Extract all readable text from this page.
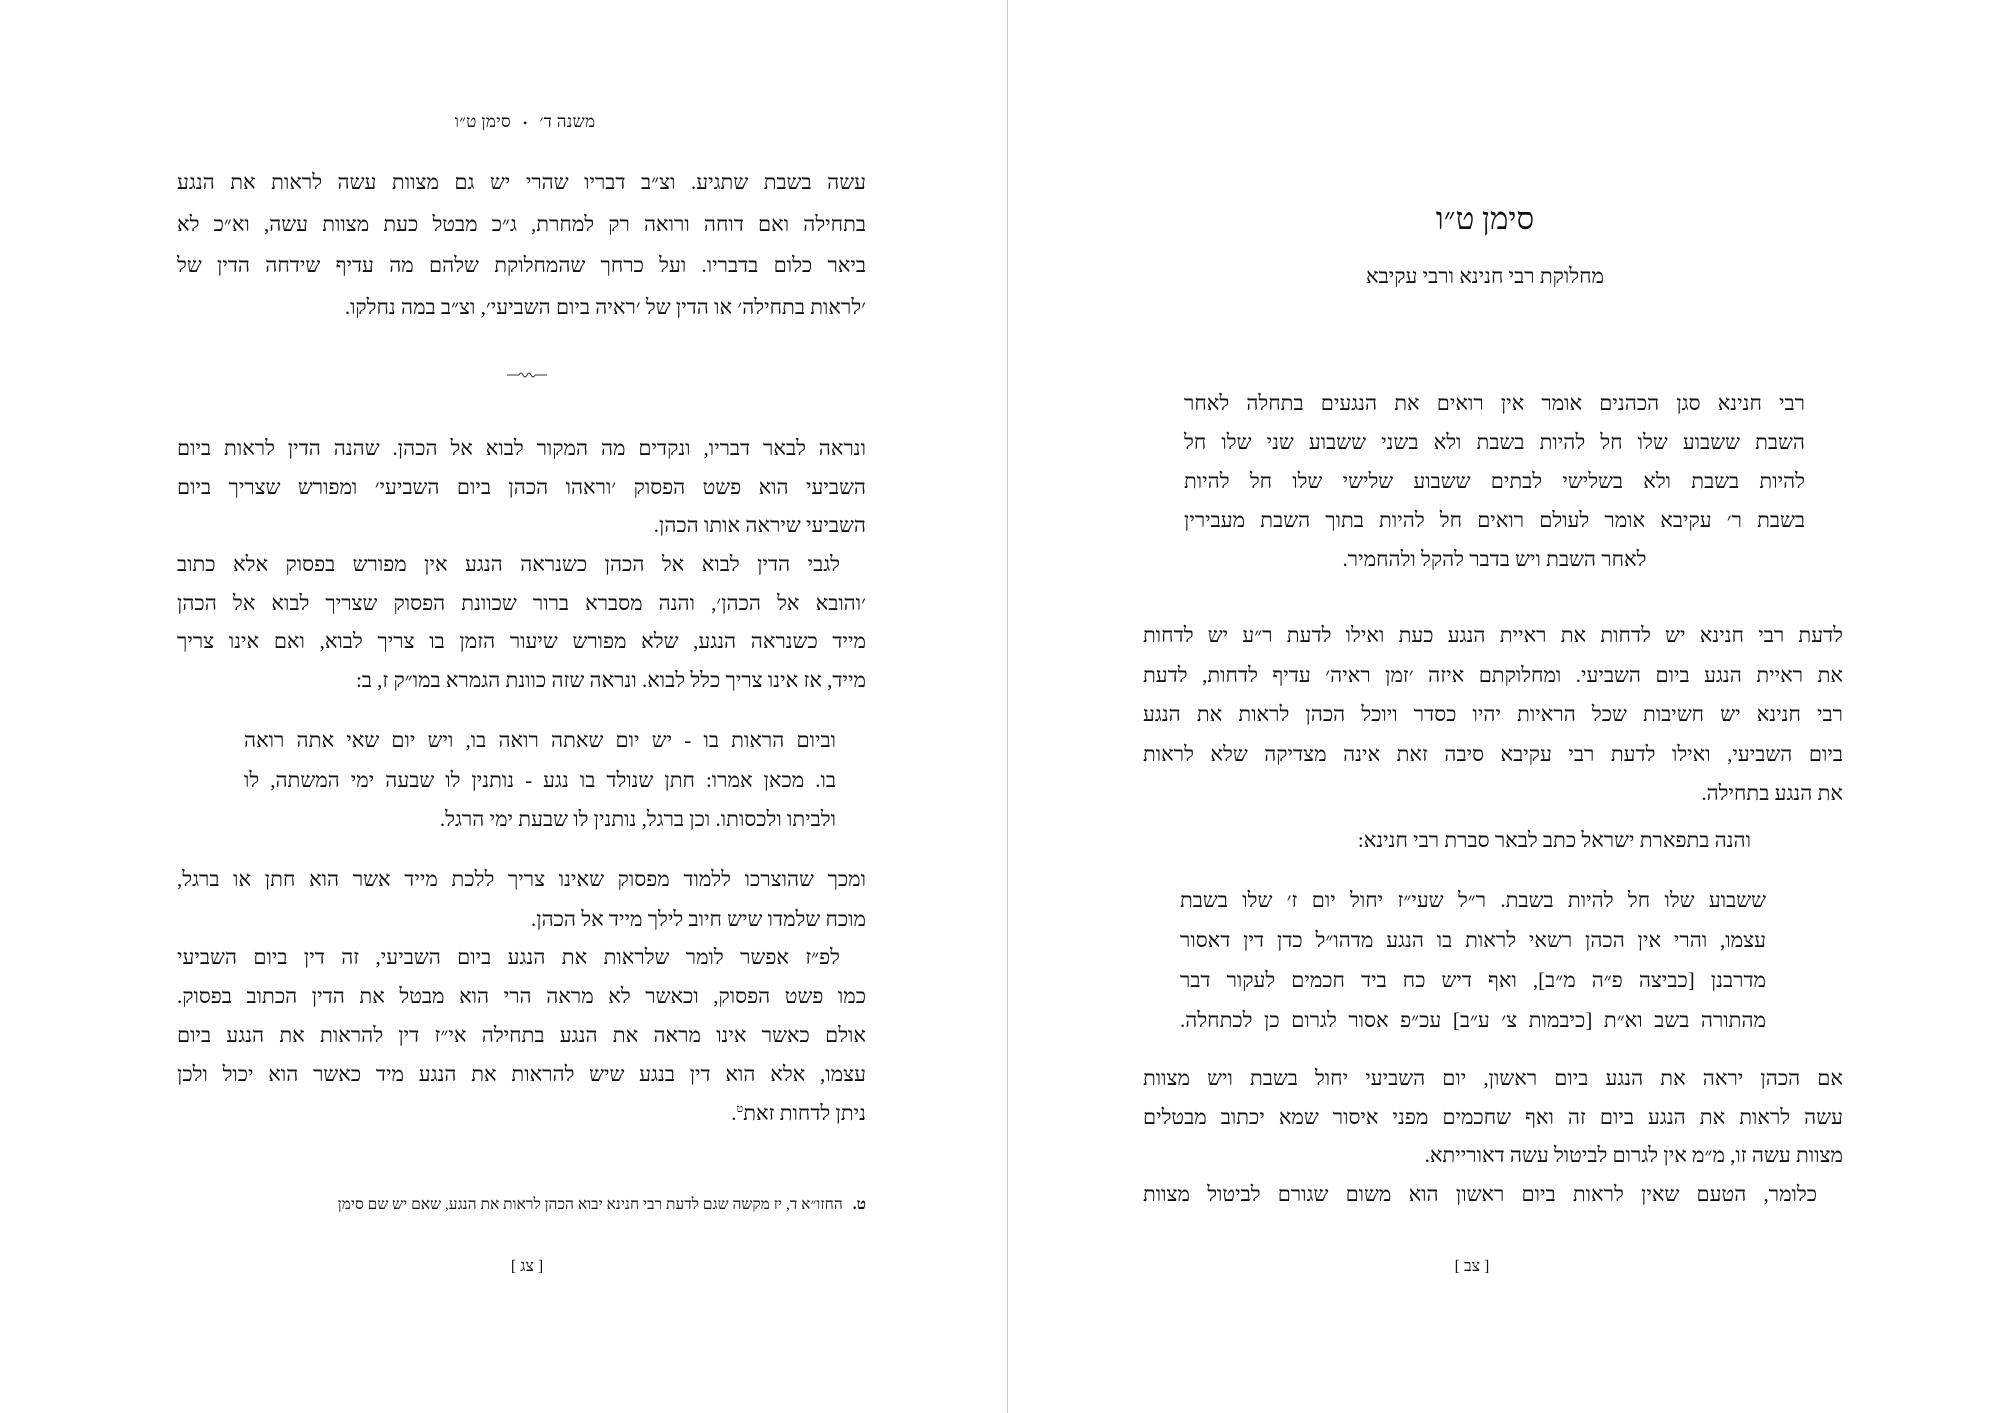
משנה ד׳•סימן ט״ו
עשה בשבת שתגיע. וצ״ב דבריו שהרי יש גם מצוות עשה לראות את הנגע
בתחילה ואם דוחה ורואה רק למחרת, ג״כ מבטל כעת מצוות עשה, וא״כ לא
ביאר כלום בדבריו. ועל כרחך שהמחלוקת שלהם מה עדיף שידחה הדין של
׳לראות בתחילה׳ או הדין של ׳ראיה ביום השביעי׳, וצ״ב במה נחלקו.
ונראה לבאר דבריו, ונקדים מה המקור לבוא אל הכהן. שהנה הדין לראות ביום
השביעי הוא פשט הפסוק ׳וראהו הכהן ביום השביעי׳ ומפורש שצריך ביום
השביעי שיראה אותו הכהן.
לגבי הדין לבוא אל הכהן כשנראה הנגע אין מפורש בפסוק אלא כתוב
׳והובא אל הכהן׳, והנה מסברא ברור שכוונת הפסוק שצריך לבוא אל הכהן
מייד כשנראה הנגע, שלא מפורש שיעור הזמן בו צריך לבוא, ואם אינו צריך
מייד, אז אינו צריך כלל לבוא. ונראה שזה כוונת הגמרא במו״ק ז, ב:
וביום הראות בו - יש יום שאתה רואה בו, ויש יום שאי אתה רואה
בו. מכאן אמרו: חתן שנולד בו נגע - נותנין לו שבעה ימי המשתה, לו
ולביתו ולכסותו. וכן ברגל, נותנין לו שבעת ימי הרגל.
ומכך שהוצרכו ללמוד מפסוק שאינו צריך ללכת מייד אשר הוא חתן או ברגל,
מוכח שלמדו שיש חיוב לילך מייד אל הכהן.
לפ״ז אפשר לומר שלראות את הנגע ביום השביעי, זה דין ביום השביעי
כמו פשט הפסוק, וכאשר לא מראה הרי הוא מבטל את הדין הכתוב בפסוק.
אולם כאשר אינו מראה את הנגע בתחילה אי״ז דין להראות את הנגע ביום
עצמו, אלא הוא דין בנגע שיש להראות את הנגע מיד כאשר הוא יכול ולכן
ניתן לדחות זאת$^ט$.
ט.החזו״א ד, יז מקשה שגם לדעת רבי חנינא יבוא הכהן לראות את הנגע, שאם יש שם סימן
[ צג ]
סימן ט״ו
מחלוקת רבי חנינא ורבי עקיבא
רבי חנינא סגן הכהנים אומר אין רואים את הנגעים בתחלה לאחר
השבת ששבוע שלו חל להיות בשבת ולא בשני ששבוע שני שלו חל
להיות בשבת ולא בשלישי לבתים ששבוע שלישי שלו חל להיות
בשבת ר׳ עקיבא אומר לעולם רואים חל להיות בתוך השבת מעבירין
לאחר השבת ויש בדבר להקל ולהחמיר.
לדעת רבי חנינא יש לדחות את ראיית הנגע כעת ואילו לדעת ר״ע יש לדחות
את ראיית הנגע ביום השביעי. ומחלוקתם איזה ׳זמן ראיה׳ עדיף לדחות, לדעת
רבי חנינא יש חשיבות שכל הראיות יהיו כסדר ויוכל הכהן לראות את הנגע
ביום השביעי, ואילו לדעת רבי עקיבא סיבה זאת אינה מצדיקה שלא לראות
את הנגע בתחילה.
והנה בתפארת ישראל כתב לבאר סברת רבי חנינא:
ששבוע שלו חל להיות בשבת. ר״ל שעי״ז יחול יום ז׳ שלו בשבת
עצמו, והרי אין הכהן רשאי לראות בו הנגע מדהו״ל כדן דין דאסור
מדרבנן [כביצה פ״ה מ״ב], ואף דיש כח ביד חכמים לעקור דבר
מהתורה בשב וא״ת [כיבמות צ׳ ע״ב] עכ״פ אסור לגרום כן לכתחלה.
אם הכהן יראה את הנגע ביום ראשון, יום השביעי יחול בשבת ויש מצוות
עשה לראות את הנגע ביום זה ואף שחכמים מפני איסור שמא יכתוב מבטלים
מצוות עשה זו, מ״מ אין לגרום לביטול עשה דאורייתא.
כלומר, הטעם שאין לראות ביום ראשון הוא משום שגורם לביטול מצוות
[ צב ]
